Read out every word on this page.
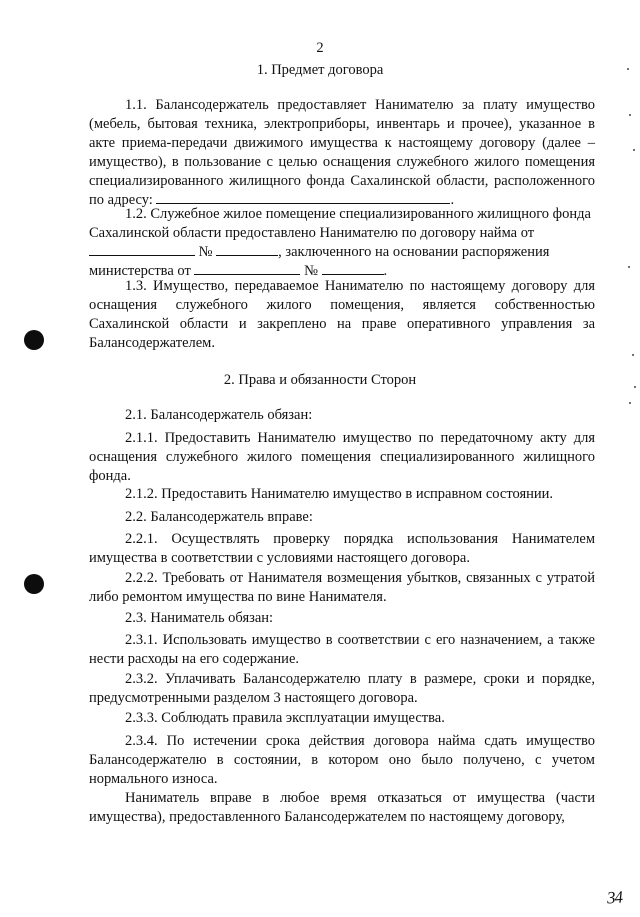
2
1. Предмет договора

1.1. Балансодержатель предоставляет Нанимателю за плату имущество (мебель, бытовая техника, электроприборы, инвентарь и прочее), указанное в акте приема-передачи движимого имущества к настоящему договору (далее – имущество), в пользование с целью оснащения служебного жилого помещения специализированного жилищного фонда Сахалинской области, расположенного по адресу:	.

1.2. Служебное жилое помещение специализированного жилищного фонда Сахалинской области предоставлено Нанимателю по договору найма от  №	, заключенного на основании распоряжения министерства от	№	.

1.3. Имущество, передаваемое Нанимателю по настоящему договору для оснащения служебного жилого помещения, является собственностью Сахалинской области и закреплено на праве оперативного управления за Балансодержателем.

2. Права и обязанности Сторон

2.1. Балансодержатель обязан:

2.1.1. Предоставить Нанимателю имущество по передаточному акту для оснащения служебного жилого помещения специализированного жилищного фонда.

2.1.2. Предоставить Нанимателю имущество в исправном состоянии.

2.2. Балансодержатель вправе:

2.2.1. Осуществлять проверку порядка использования Нанимателем имущества в соответствии с условиями настоящего договора.

2.2.2. Требовать от Нанимателя возмещения убытков, связанных с утратой либо ремонтом имущества по вине Нанимателя.

2.3. Наниматель обязан:

2.3.1. Использовать имущество в соответствии с его назначением, а также нести расходы на его содержание.

2.3.2. Уплачивать Балансодержателю плату в размере, сроки и порядке, предусмотренными разделом 3 настоящего договора.

2.3.3. Соблюдать правила эксплуатации имущества.

2.3.4. По истечении срока действия договора найма сдать имущество Балансодержателю в состоянии, в котором оно было получено, с учетом нормального износа.

Наниматель вправе в любое время отказаться от имущества (части имущества), предоставленного Балансодержателем по настоящему договору,

34
